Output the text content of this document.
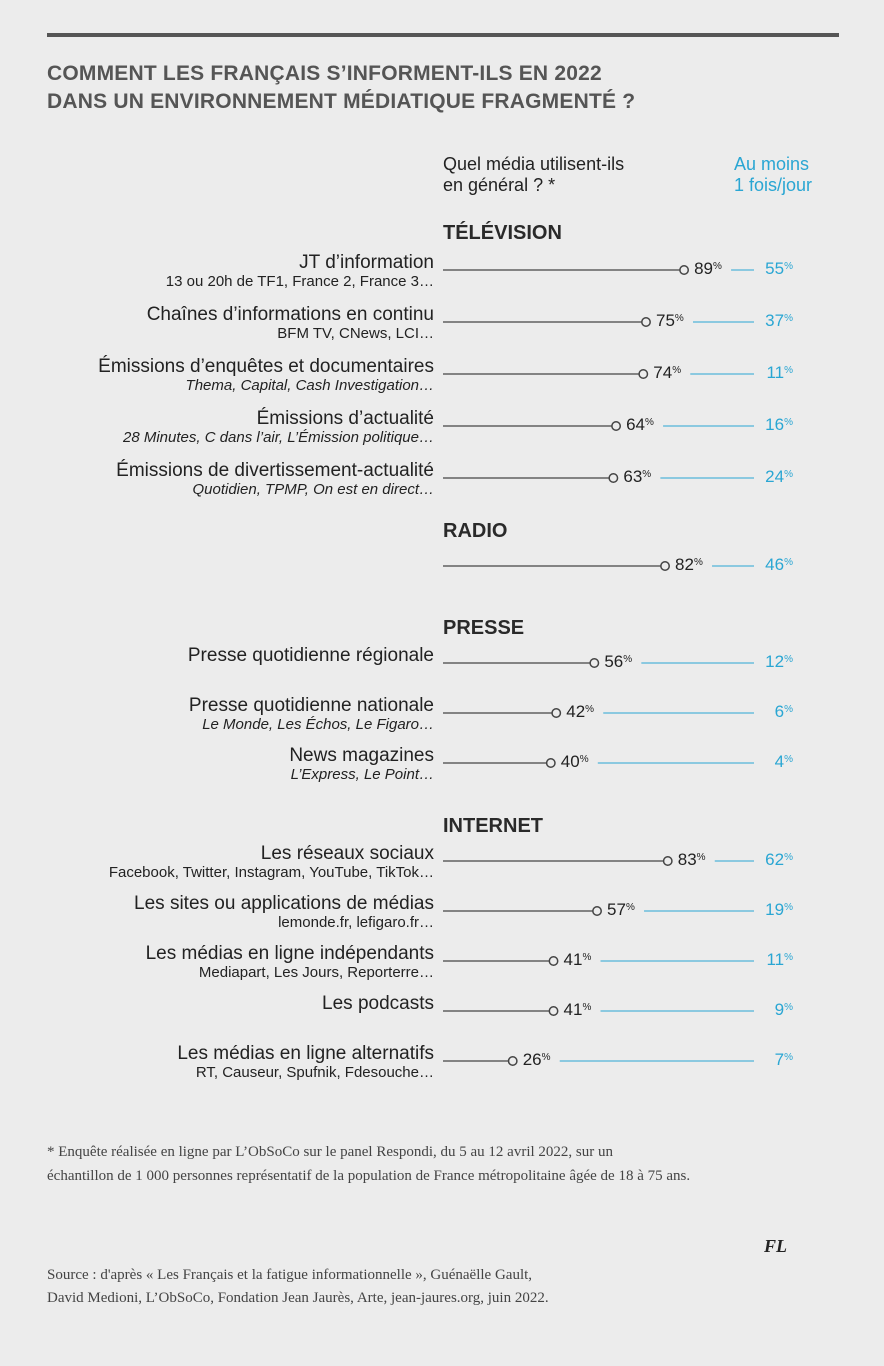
COMMENT LES FRANÇAIS S’INFORMENT-ILS EN 2022
DANS UN ENVIRONNEMENT MÉDIATIQUE FRAGMENTÉ ?
Quel média utilisent-ils
en général ? *
Au moins
1 fois/jour
TÉLÉVISION
JT d’information
13 ou 20h de TF1, France 2, France 3…
89%	55%
Chaînes d’informations en continu
BFM TV, CNews, LCI…
75%	37%
Émissions d’enquêtes et documentaires
Thema, Capital, Cash Investigation…
74%	11%
Émissions d’actualité
28 Minutes, C dans l’air, L’Émission politique…
64%	16%
Émissions de divertissement-actualité
Quotidien, TPMP, On est en direct…
63%	24%
RADIO
82%	46%
PRESSE
Presse quotidienne régionale	56%	12%
Presse quotidienne nationale
Le Monde, Les Échos, Le Figaro…
42%	6%
News magazines
L’Express, Le Point…
40%	4%
INTERNET
Les réseaux sociaux
Facebook, Twitter, Instagram, YouTube, TikTok…
83%	62%
Les sites ou applications de médias
lemonde.fr, lefigaro.fr…
57%	19%
Les médias en ligne indépendants
Mediapart, Les Jours, Reporterre…
41%	11%
Les podcasts	41%	9%
Les médias en ligne alternatifs
RT, Causeur, Spufnik, Fdesouche…
26%	7%
* Enquête réalisée en ligne par L’ObSoCo sur le panel Respondi, du 5 au 12 avril 2022, sur un
échantillon de 1 000 personnes représentatif de la population de France métropolitaine âgée de 18 à 75 ans.
FL
Source : d'après « Les Français et la fatigue informationnelle », Guénaëlle Gault,
David Medioni, L’ObSoCo, Fondation Jean Jaurès, Arte, jean-jaures.org, juin 2022.
